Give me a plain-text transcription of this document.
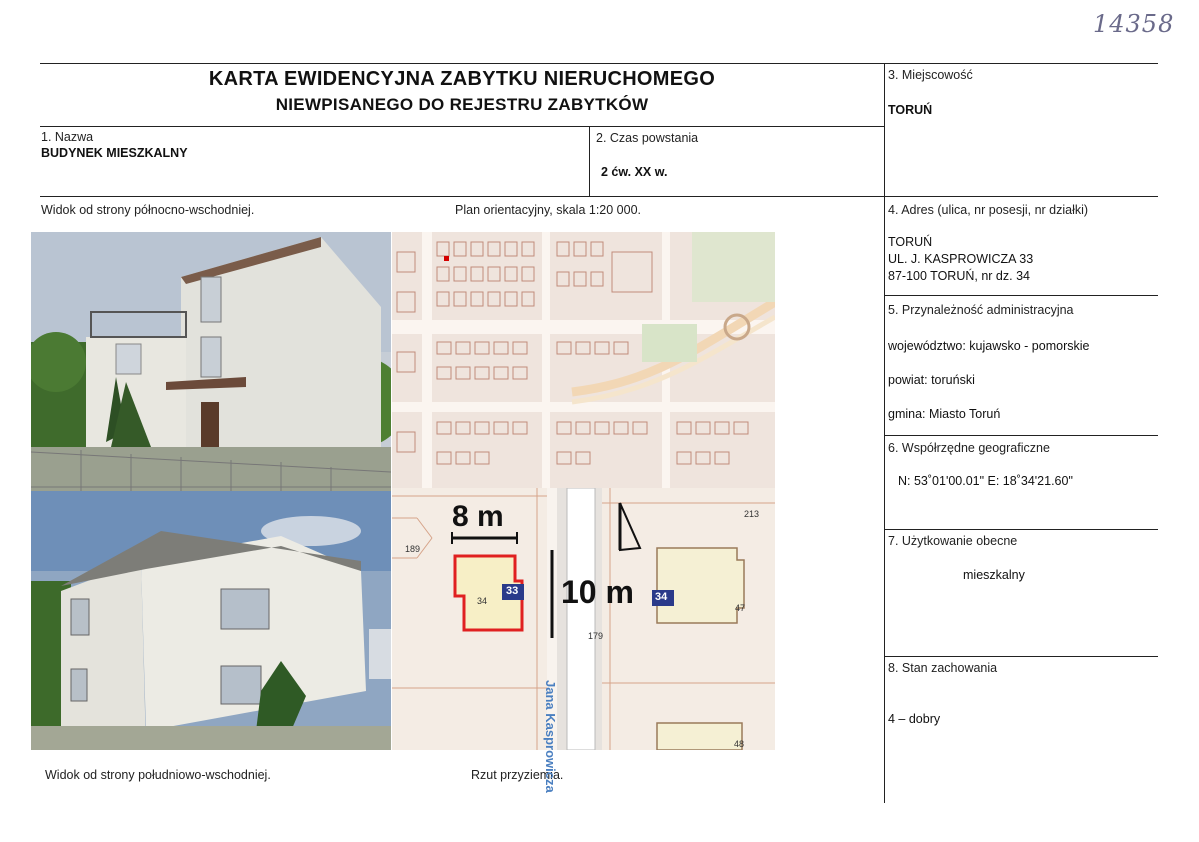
14358
KARTA EWIDENCYJNA ZABYTKU NIERUCHOMEGO
NIEWPISANEGO DO REJESTRU ZABYTKÓW
1. Nazwa
BUDYNEK MIESZKALNY
2. Czas powstania
2 ćw. XX w.
3. Miejscowość
TORUŃ
4. Adres (ulica, nr posesji, nr działki)
TORUŃ
UL. J. KASPROWICZA 33
87-100 TORUŃ, nr dz. 34
5. Przynależność administracyjna
województwo: kujawsko - pomorskie
powiat: toruński
gmina: Miasto Toruń
6. Współrzędne geograficzne
N: 53˚01'00.01" E: 18˚34'21.60"
7. Użytkowanie obecne
mieszkalny
8. Stan zachowania
4 – dobry
Widok od strony północno-wschodniej.	Plan orientacyjny, skala 1:20 000.
Widok od strony południowo-wschodniej.	Rzut przyziemia.
8 m
10 m
Jana Kasprowicza
189
213
34
47
48
179
33	34
